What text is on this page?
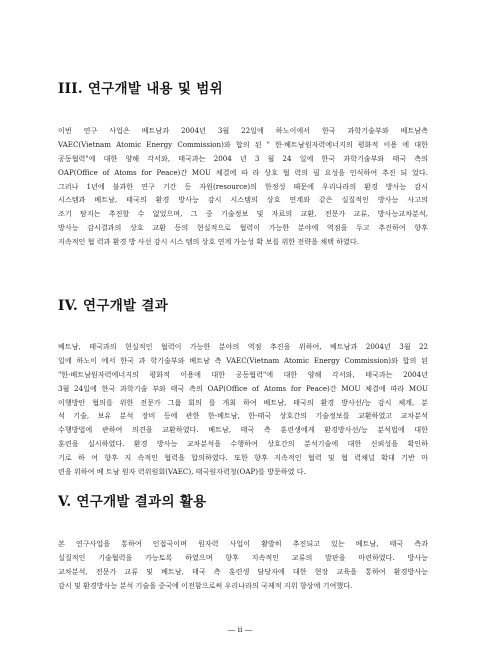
III. 연구개발 내용 및 범위
이번 연구 사업은 베트남과 2004년 3월 22일에 하노이에서 한국 과학기술부와 베트남측
VAEC(Vietnam Atomic Energy Commission)와 합의 된 " 한·베트남원자력에너지의 평화적 이용 에 대한
공동협력"에 대한 양해 각서와, 태국과는 2004 년 3 월 24 일에 한국 과학기술부와 태국 측의
OAP(Office of Atoms for Peace)간 MOU 체결에 따 라 상호 협 력의 필 요성을 인식하여 추진 되 었다.
그러나 1년에 불과한 연구 기간 등 자원(resource)의 한정성 때문에 우리나라의 환경 방사능 감시
시스템과 베트남, 태국의 환경 방사능 감시 시스템의 상호 연계와 같은 실질적인 방사능 사고의
조기 탐지는 추진할 수 없었으며, 그 중 기술정보 및 자료의 교환, 전문가 교류, 방사능교차분석,
방사능 감시결과의 상호 교환 등의 현실적으로 협력이 가능한 분야에 역점을 두고 추진하여 향후
지속적인 협 력과 환경 방 사선 감시 시스 템의 상호 연계 가능성 확 보를 위한 전략을 채택 하였다.
IV. 연구개발 결과
베트남, 태국과의 현실적인 협력이 가능한 분야의 역점 추진을 위하여, 베트남과 2004년 3월 22
일에 하노이 에서 한국 과 학기술부와 베트남 측 VAEC(Vietnam Atomic Energy Commission)와 합의 된
"한·베트남원자력에너지의 평화적 이용에 대한 공동협력"에 대한 양해 각서와, 태국과는 2004년
3월 24일에 한국 과학기술 부와 태국 측의 OAP(Office of Atoms for Peace)간 MOU 체결에 따라 MOU
이행방안 협의를 위한 전문가 그룹 회의 를 개최 하여 베트남, 태국의 환경 방사선/능 감시 체계, 분
석 기술, 보유 분석 장비 등에 관한 한-베트남, 한-태국 상호간의 기술정보를 교환하였고 교차분석
수행방법에 관하여 의견을 교환하였다. 베트남, 태국 측 훈련생에게 환경방사선/능 분석법에 대한
훈련을 실시하였다. 환경 방사능 교차분석을 수행하여 상호간의 분석기술에 대한 신뢰성을 확인하
기로 하 여 향후 지 속적인 협력을 합의하였다. 또한 향후 지속적인 협력 및 협 력채널 확대 기반 마
련을 위하여 베 트남 원자 력위원회(VAEC), 태국원자력청(OAP)를 방문하였 다.
V. 연구개발 결과의 활용
본 연구사업을 통하여 인접국이며 원자력 사업이 활발히 추진되고 있는 베트남, 태국 측과
실질적인 기술협력을 가능토록 하였으며 향후 지속적인 교류의 발판을 마련하였다. 방사능
교차분석, 전문가 교류 및 베트남, 태국 측 훈련생 담당자에 대한 현장 교육을 통하여 환경방사능
감시 및 환경방사능 분석 기술을 중국에 이전함으로써 우리나라의 국제적 지위 향상에 기여했다.
— ii —
